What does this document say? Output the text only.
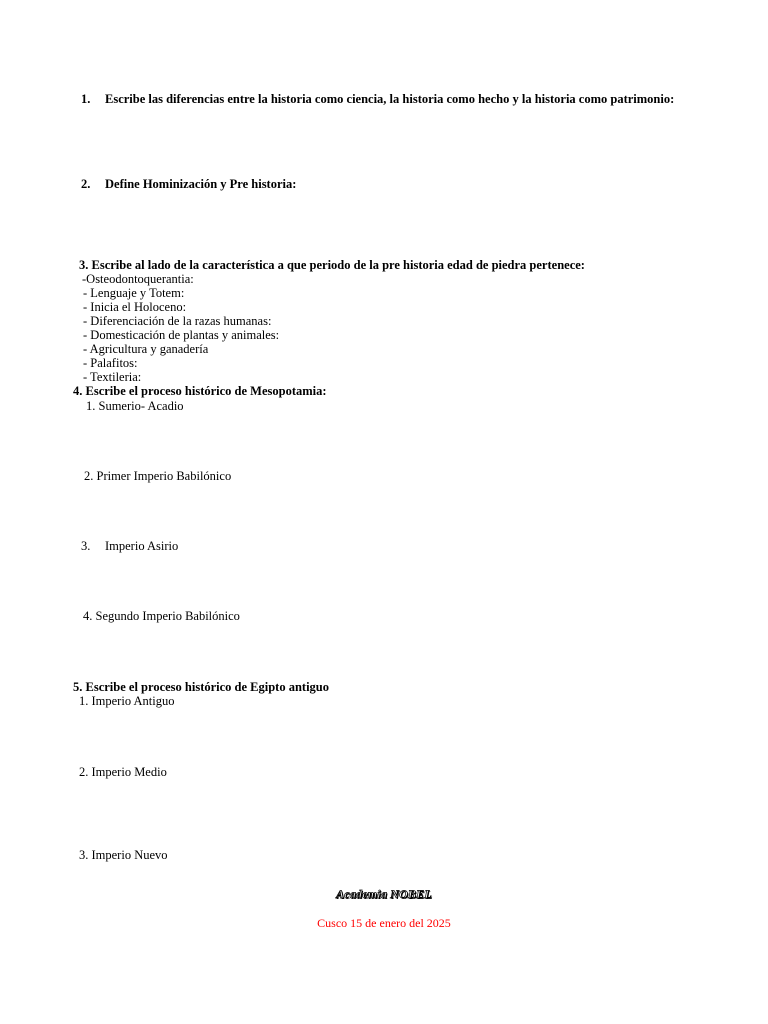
1. Escribe las diferencias entre la historia como ciencia, la historia como hecho y la historia como patrimonio:
2. Define Hominización y Pre historia:
3. Escribe al lado de la característica a que periodo de la pre historia edad de piedra pertenece:
-Osteodontoquerantia:
- Lenguaje y Totem:
- Inicia el Holoceno:
- Diferenciación de la razas humanas:
- Domesticación de plantas y animales:
- Agricultura y ganadería
- Palafitos:
- Textileria:
4. Escribe el proceso histórico de Mesopotamia:
1. Sumerio- Acadio
2. Primer Imperio Babilónico
3. Imperio Asirio
4. Segundo Imperio Babilónico
5. Escribe el proceso histórico de Egipto antiguo
1. Imperio Antiguo
2. Imperio Medio
3. Imperio Nuevo
Academia NOBEL
Cusco 15 de enero del 2025
